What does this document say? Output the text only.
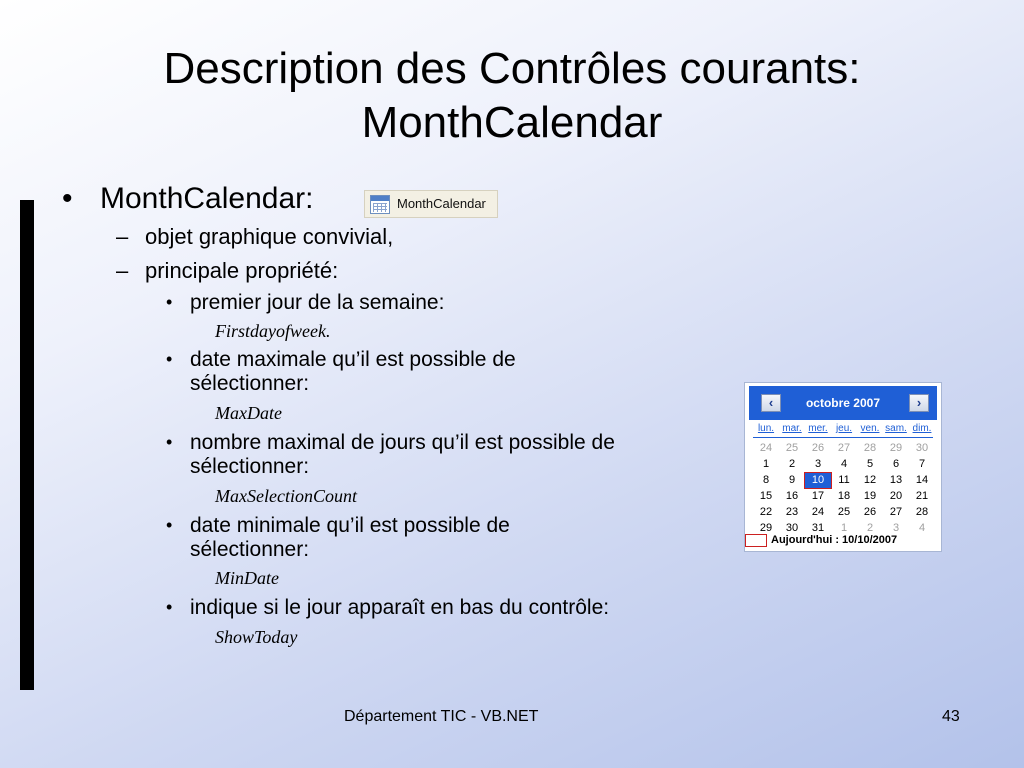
Description des Contrôles courants:
MonthCalendar
• MonthCalendar:	MonthCalendar
– objet graphique convivial,
– principale propriété:
• premier jour de la semaine:
Firstdayofweek.
• date maximale qu’il est possible de sélectionner:
MaxDate
• nombre maximal de jours qu’il est possible de sélectionner:
MaxSelectionCount
• date minimale qu’il est possible de sélectionner:
MinDate
• indique si le jour apparaît en bas du contrôle:
ShowToday
‹	octobre 2007	›
lun. mar. mer. jeu. ven. sam. dim.
24	25	26	27	28	29	30
1	2	3	4	5	6	7
8	9	10	11	12	13	14
15	16	17	18	19	20	21
22	23	24	25	26	27	28
29	30	31	1	2	3	4
Aujourd'hui : 10/10/2007
Département TIC - VB.NET	43
